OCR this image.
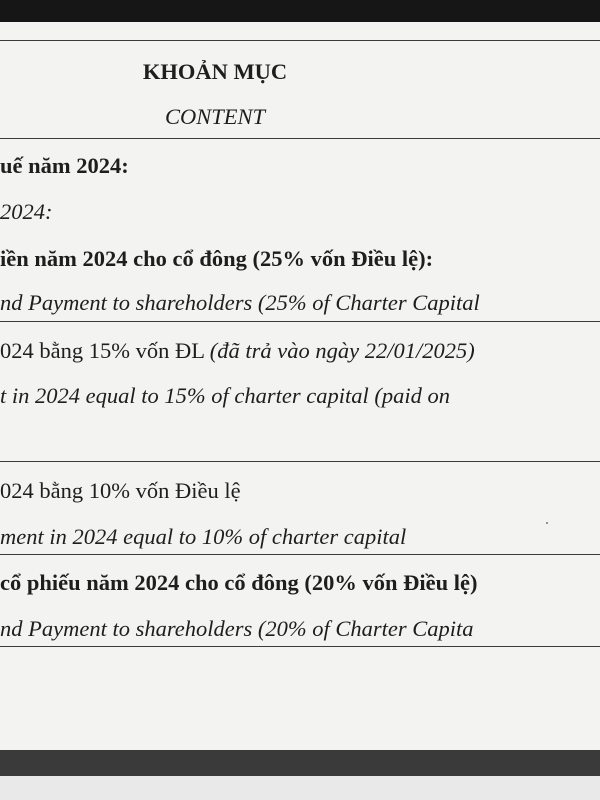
KHOẢN MỤC
CONTENT
uế năm 2024:
2024:
iền năm 2024 cho cổ đông (25% vốn Điều lệ):
nd Payment to shareholders (25% of Charter Capital
024 bằng 15% vốn ĐL (đã trả vào ngày 22/01/2025)
t in 2024 equal to 15% of charter capital (paid on
024 bằng 10% vốn Điều lệ
ment in 2024 equal to 10% of charter capital
cổ phiếu năm 2024 cho cổ đông (20% vốn Điều lệ)
nd Payment to shareholders (20% of Charter Capita
